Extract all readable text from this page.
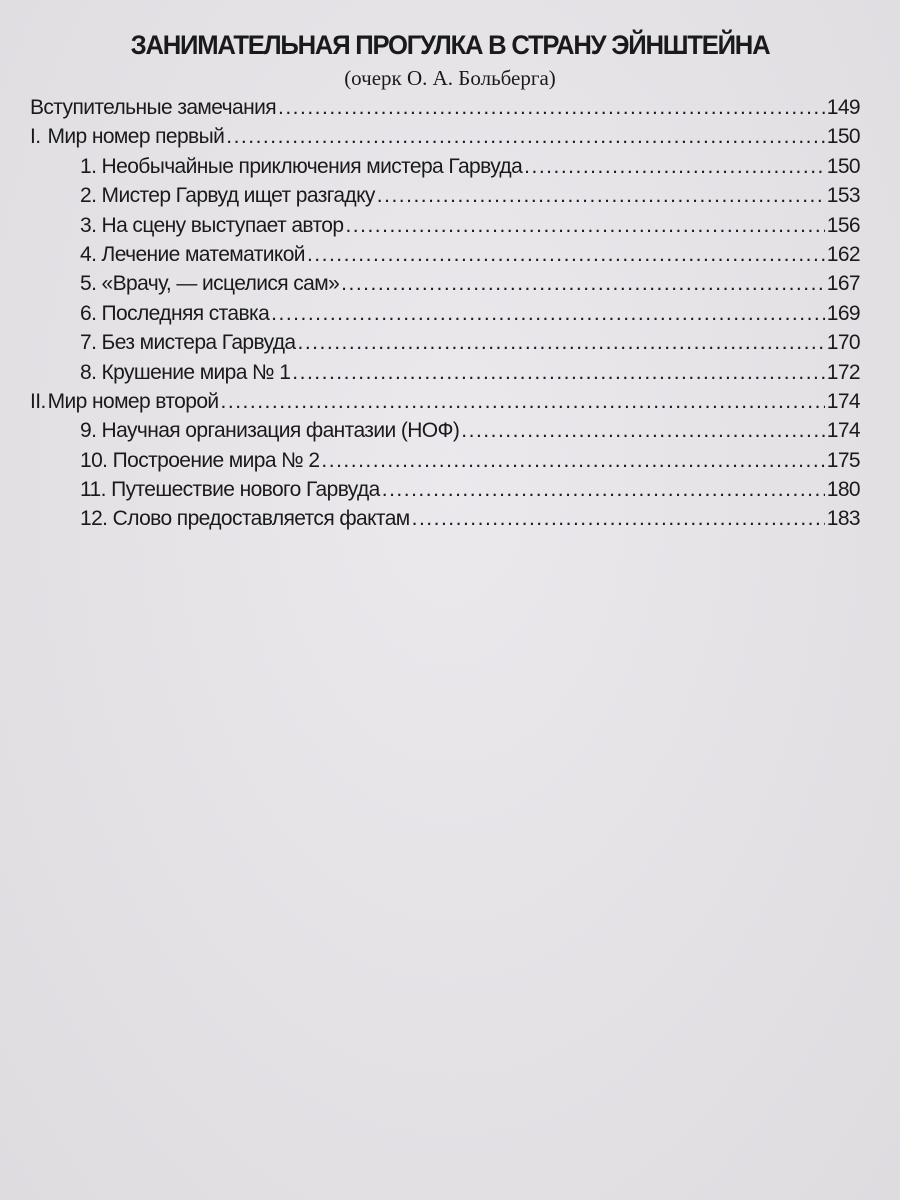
ЗАНИМАТЕЛЬНАЯ ПРОГУЛКА В СТРАНУ ЭЙНШТЕЙНА
(очерк О. А. Больберга)
Вступительные замечания .....	149
I. Мир номер первый .....	150
1. Необычайные приключения мистера Гарвуда .....	150
2. Мистер Гарвуд ищет разгадку .....	153
3. На сцену выступает автор .....	156
4. Лечение математикой .....	162
5. «Врачу, — исцелися сам» .....	167
6. Последняя ставка .....	169
7. Без мистера Гарвуда .....	170
8. Крушение мира № 1 .....	172
II. Мир номер второй .....	174
9. Научная организация фантазии (НОФ) .....	174
10. Построение мира № 2 .....	175
11. Путешествие нового Гарвуда .....	180
12. Слово предоставляется фактам .....	183
